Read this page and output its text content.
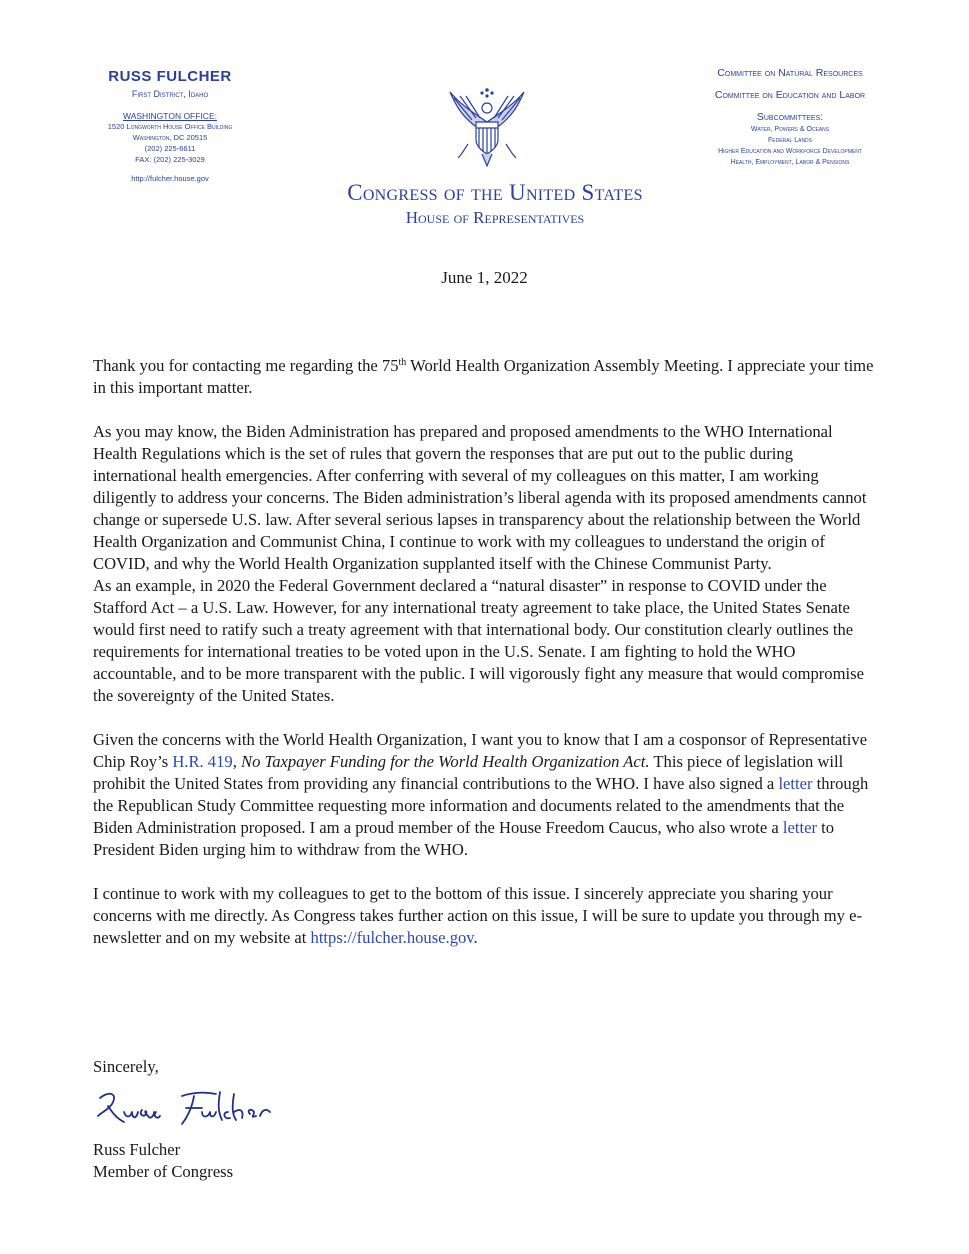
RUSS FULCHER
First District, Idaho
WASHINGTON OFFICE:
1520 Longworth House Office Building
Washington, DC 20515
(202) 225-6611
FAX: (202) 225-3029
http://fulcher.house.gov
Congress of the United States
House of Representatives
Committee on Natural Resources
Committee on Education and Labor
Subcommittees:
Water, Powers & Oceans
Federal Lands
Higher Education and Workforce Development
Health, Employment, Labor & Pensions
June 1, 2022

Thank you for contacting me regarding the 75th World Health Organization Assembly Meeting. I appreciate your time in this important matter.

As you may know, the Biden Administration has prepared and proposed amendments to the WHO International Health Regulations which is the set of rules that govern the responses that are put out to the public during international health emergencies. After conferring with several of my colleagues on this matter, I am working diligently to address your concerns. The Biden administration’s liberal agenda with its proposed amendments cannot change or supersede U.S. law. After several serious lapses in transparency about the relationship between the World Health Organization and Communist China, I continue to work with my colleagues to understand the origin of COVID, and why the World Health Organization supplanted itself with the Chinese Communist Party.

As an example, in 2020 the Federal Government declared a “natural disaster” in response to COVID under the Stafford Act – a U.S. Law. However, for any international treaty agreement to take place, the United States Senate would first need to ratify such a treaty agreement with that international body. Our constitution clearly outlines the requirements for international treaties to be voted upon in the U.S. Senate. I am fighting to hold the WHO accountable, and to be more transparent with the public. I will vigorously fight any measure that would compromise the sovereignty of the United States.

Given the concerns with the World Health Organization, I want you to know that I am a cosponsor of Representative Chip Roy’s H.R. 419, No Taxpayer Funding for the World Health Organization Act. This piece of legislation will prohibit the United States from providing any financial contributions to the WHO. I have also signed a letter through the Republican Study Committee requesting more information and documents related to the amendments that the Biden Administration proposed. I am a proud member of the House Freedom Caucus, who also wrote a letter to President Biden urging him to withdraw from the WHO.

I continue to work with my colleagues to get to the bottom of this issue. I sincerely appreciate you sharing your concerns with me directly. As Congress takes further action on this issue, I will be sure to update you through my e-newsletter and on my website at https://fulcher.house.gov.

Sincerely,
Russ Fulcher
Member of Congress
